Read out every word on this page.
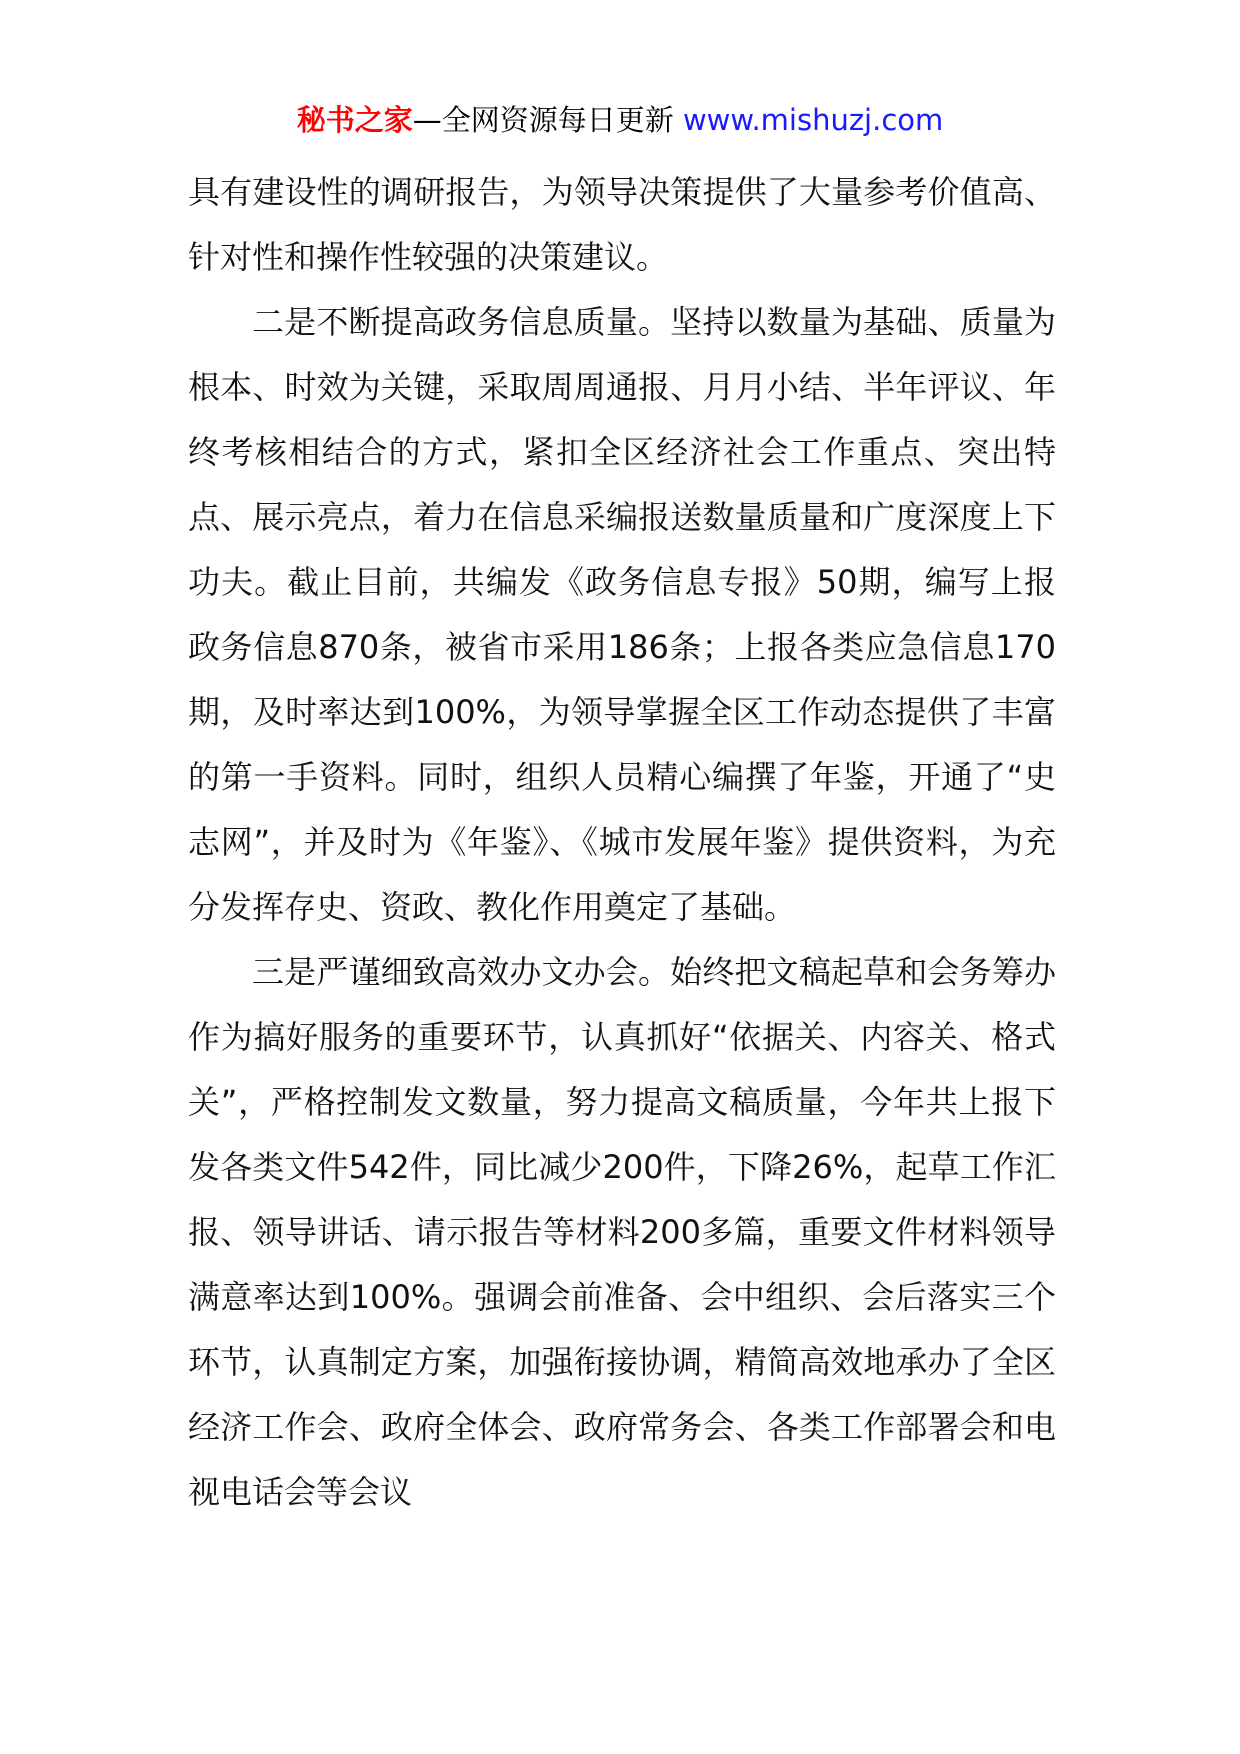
秘书之家—全网资源每日更新 www.mishuzj.com

具有建设性的调研报告，为领导决策提供了大量参考价值高、针对性和操作性较强的决策建议。

二是不断提高政务信息质量。坚持以数量为基础、质量为根本、时效为关键，采取周周通报、月月小结、半年评议、年终考核相结合的方式，紧扣全区经济社会工作重点、突出特点、展示亮点，着力在信息采编报送数量质量和广度深度上下功夫。截止目前，共编发《政务信息专报》50期，编写上报政务信息870条，被省市采用186条；上报各类应急信息170期，及时率达到100%，为领导掌握全区工作动态提供了丰富的第一手资料。同时，组织人员精心编撰了年鉴，开通了“史志网”，并及时为《年鉴》、《城市发展年鉴》提供资料，为充分发挥存史、资政、教化作用奠定了基础。

三是严谨细致高效办文办会。始终把文稿起草和会务筹办作为搞好服务的重要环节，认真抓好“依据关、内容关、格式关”，严格控制发文数量，努力提高文稿质量，今年共上报下发各类文件542件，同比减少200件，下降26%，起草工作汇报、领导讲话、请示报告等材料200多篇，重要文件材料领导满意率达到100%。强调会前准备、会中组织、会后落实三个环节，认真制定方案，加强衔接协调，精简高效地承办了全区经济工作会、政府全体会、政府常务会、各类工作部署会和电视电话会等会议
